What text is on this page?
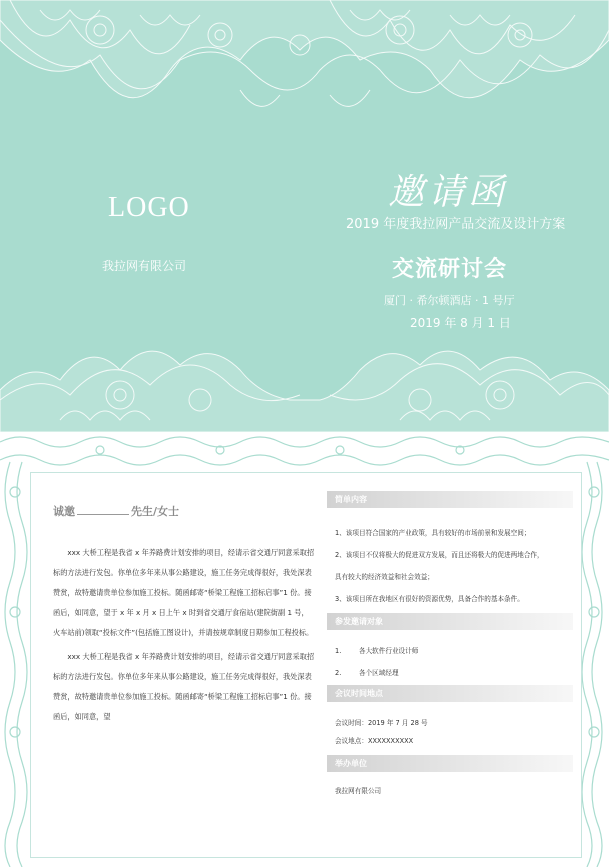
LOGO
我拉网有限公司
邀请函
2019 年度我拉网产品交流及设计方案
交流研讨会
厦门 · 希尔顿酒店 · 1 号厅
2019 年 8 月 1 日
诚邀	先生/女士

xxx 大桥工程是我省 x 年养路费计划安排的项目，经请示省交通厅同意采取招标的方法进行发包。你单位多年来从事公路建设，施工任务完成得很好，我处深表赞赏，故特邀请贵单位参加施工投标。随函邮寄“桥梁工程施工招标启事”1 份。接函后，如同意，望于 x 年 x 月 x 日上午 x 时到省交通厅食宿站(建院街副 1 号，火车站前)领取“投标文件”(包括施工图设计)，并请按规章制度日期参加工程投标。

xxx 大桥工程是我省 x 年养路费计划安排的项目，经请示省交通厅同意采取招标的方法进行发包。你单位多年来从事公路建设，施工任务完成得很好，我处深表赞赏，故特邀请贵单位参加施工投标。随函邮寄“桥梁工程施工招标启事”1 份。接函后，如同意，望

简单内容
1、该项目符合国家的产业政策，具有较好的市场前景和发展空间；
2、该项目不仅将极大的促进双方发展，而且还将极大的促进两地合作，
具有较大的经济效益和社会效益；
3、该项目所在我地区有很好的资源优势，具备合作的基本条件。
参发邀请对象
1.	各大软件行业设计师
2.	各个区域经理
会议时间地点
会议时间：2019 年 7 月 28 号
会议地点：XXXXXXXXXX
举办单位
我拉网有限公司
